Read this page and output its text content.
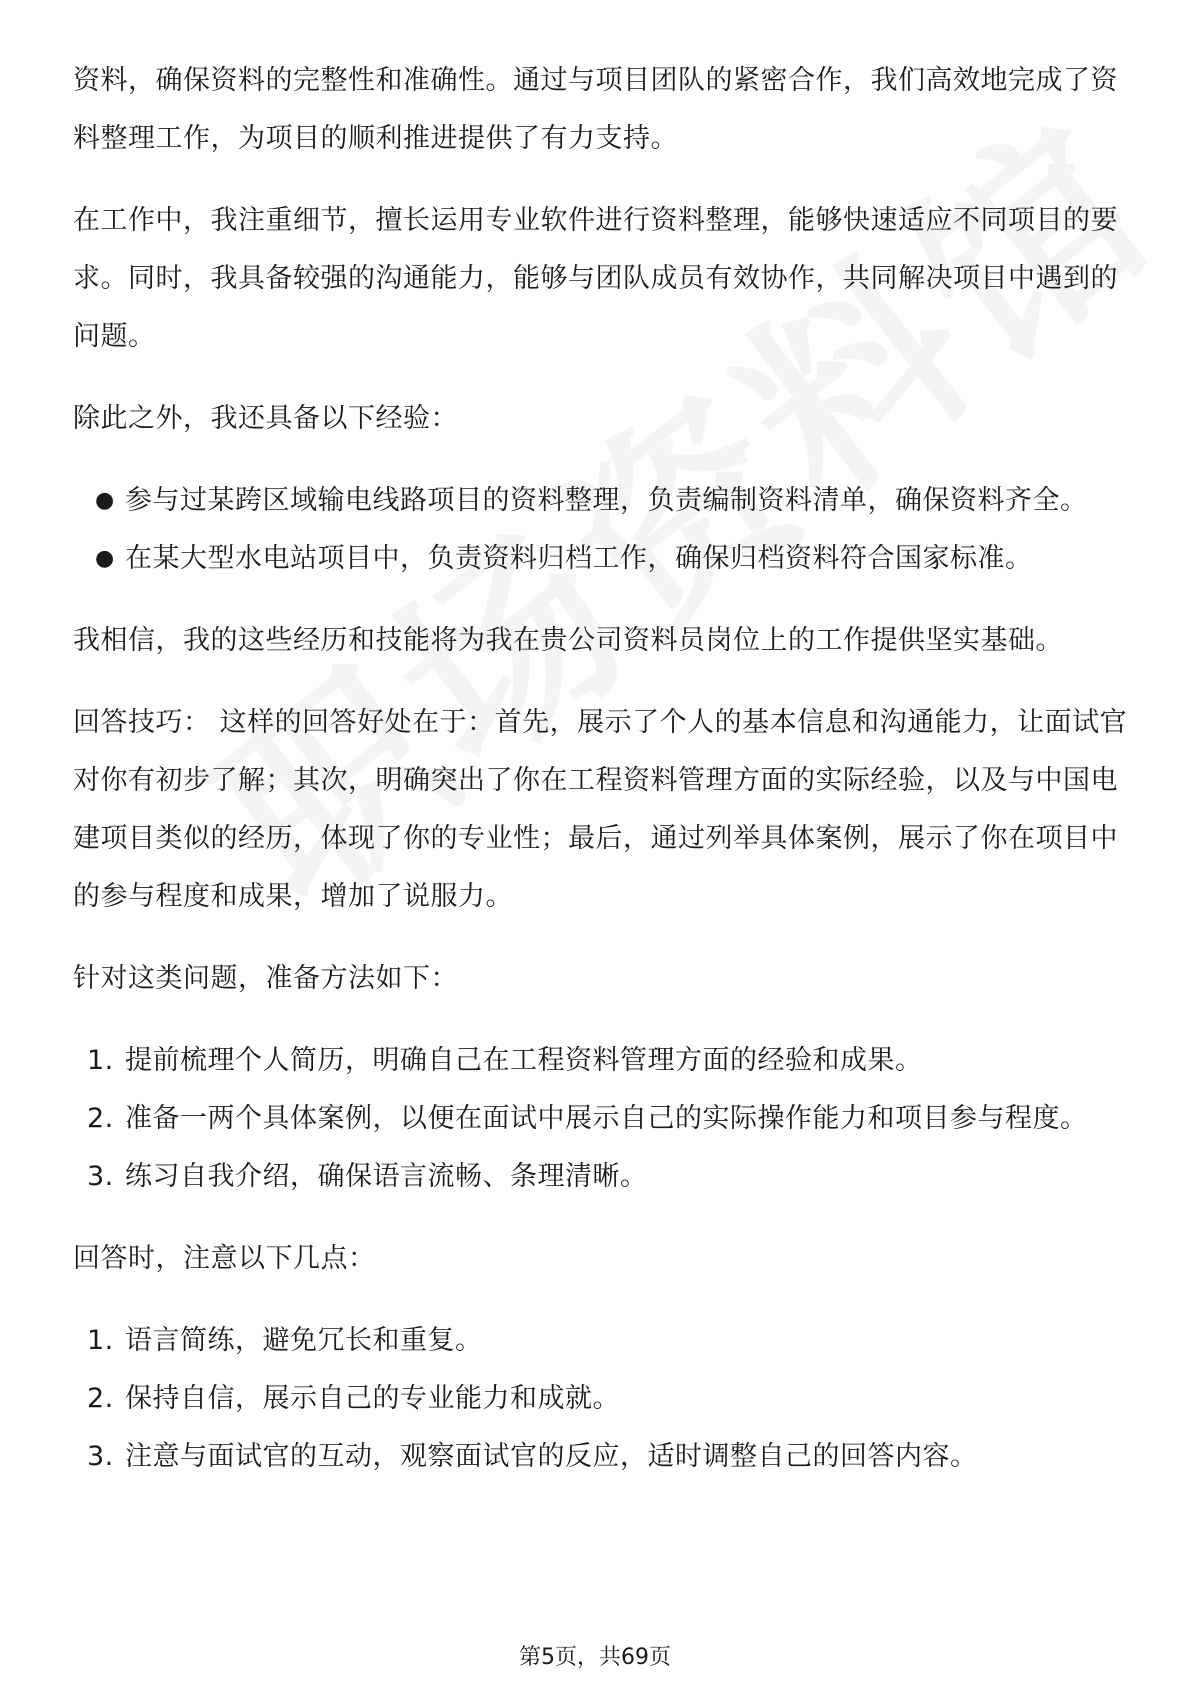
资料，确保资料的完整性和准确性。通过与项目团队的紧密合作，我们高效地完成了资料整理工作，为项目的顺利推进提供了有力支持。

在工作中，我注重细节，擅长运用专业软件进行资料整理，能够快速适应不同项目的要求。同时，我具备较强的沟通能力，能够与团队成员有效协作，共同解决项目中遇到的问题。

除此之外，我还具备以下经验：

● 参与过某跨区域输电线路项目的资料整理，负责编制资料清单，确保资料齐全。
● 在某大型水电站项目中，负责资料归档工作，确保归档资料符合国家标准。

我相信，我的这些经历和技能将为我在贵公司资料员岗位上的工作提供坚实基础。

回答技巧： 这样的回答好处在于：首先，展示了个人的基本信息和沟通能力，让面试官对你有初步了解；其次，明确突出了你在工程资料管理方面的实际经验，以及与中国电建项目类似的经历，体现了你的专业性；最后，通过列举具体案例，展示了你在项目中的参与程度和成果，增加了说服力。

针对这类问题，准备方法如下：

1. 提前梳理个人简历，明确自己在工程资料管理方面的经验和成果。
2. 准备一两个具体案例，以便在面试中展示自己的实际操作能力和项目参与程度。
3. 练习自我介绍，确保语言流畅、条理清晰。

回答时，注意以下几点：

1. 语言简练，避免冗长和重复。
2. 保持自信，展示自己的专业能力和成就。
3. 注意与面试官的互动，观察面试官的反应，适时调整自己的回答内容。
第5页，共69页
